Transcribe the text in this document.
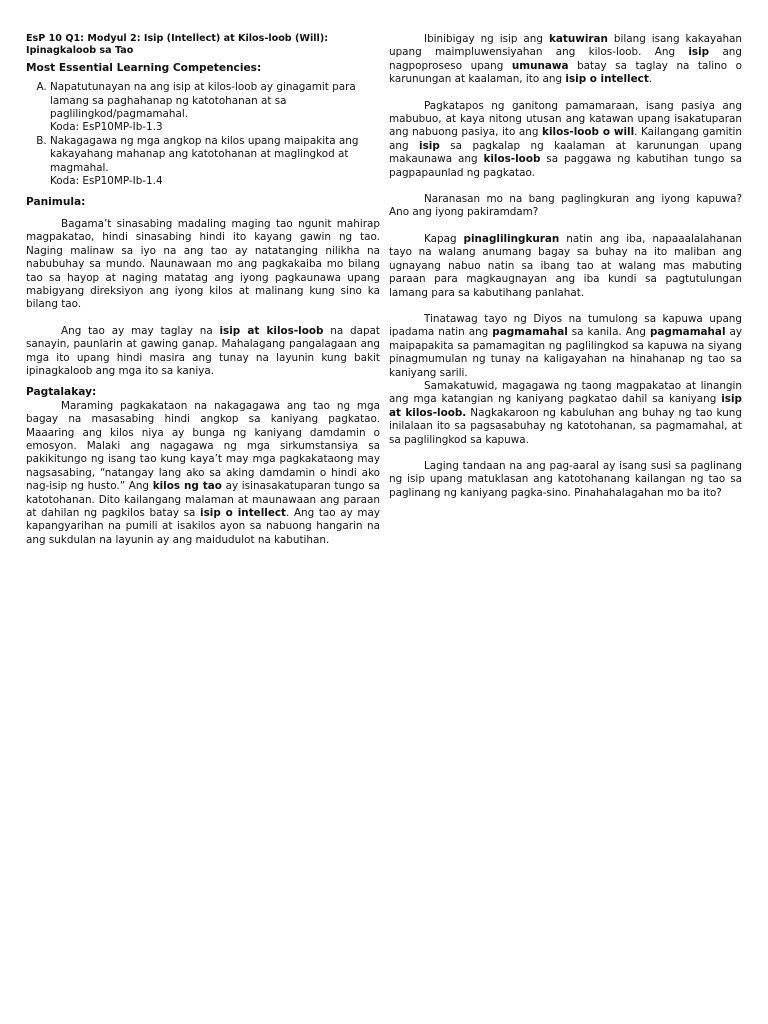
EsP 10 Q1: Modyul 2: Isip (Intellect) at Kilos-loob (Will): Ipinagkaloob sa Tao

Most Essential Learning Competencies:

A. Napatutunayan na ang isip at kilos-loob ay ginagamit para lamang sa paghahanap ng katotohanan at sa paglilingkod/pagmamahal.
Koda: EsP10MP-Ib-1.3
B. Nakagagawa ng mga angkop na kilos upang maipakita ang kakayahang mahanap ang katotohanan at maglingkod at magmahal.
Koda: EsP10MP-Ib-1.4

Panimula:

Bagama’t sinasabing madaling maging tao ngunit mahirap magpakatao, hindi sinasabing hindi ito kayang gawin ng tao. Naging malinaw sa iyo na ang tao ay natatanging nilikha na nabubuhay sa mundo. Naunawaan mo ang pagkakaiba mo bilang tao sa hayop at naging matatag ang iyong pagkaunawa upang mabigyang direksiyon ang iyong kilos at malinang kung sino ka bilang tao.

Ang tao ay may taglay na isip at kilos-loob na dapat sanayin, paunlarin at gawing ganap. Mahalagang pangalagaan ang mga ito upang hindi masira ang tunay na layunin kung bakit ipinagkaloob ang mga ito sa kaniya.

Pagtalakay:

Maraming pagkakataon na nakagagawa ang tao ng mga bagay na masasabing hindi angkop sa kaniyang pagkatao. Maaaring ang kilos niya ay bunga ng kaniyang damdamin o emosyon. Malaki ang nagagawa ng mga sirkumstansiya sa pakikitungo ng isang tao kung kaya’t may mga pagkakataong may nagsasabing, “natangay lang ako sa aking damdamin o hindi ako nag-isip ng husto.” Ang kilos ng tao ay isinasakatuparan tungo sa katotohanan. Dito kailangang malaman at maunawaan ang paraan at dahilan ng pagkilos batay sa isip o intellect. Ang tao ay may kapangyarihan na pumili at isakilos ayon sa nabuong hangarin na ang sukdulan na layunin ay ang maidudulot na kabutihan.

Ibinibigay ng isip ang katuwiran bilang isang kakayahan upang maimpluwensiyahan ang kilos-loob. Ang isip ang nagpoproseso upang umunawa batay sa taglay na talino o karunungan at kaalaman, ito ang isip o intellect.

Pagkatapos ng ganitong pamamaraan, isang pasiya ang mabubuo, at kaya nitong utusan ang katawan upang isakatuparan ang nabuong pasiya, ito ang kilos-loob o will. Kailangang gamitin ang isip sa pagkalap ng kaalaman at karunungan upang makaunawa ang kilos-loob sa paggawa ng kabutihan tungo sa pagpapaunlad ng pagkatao.

Naranasan mo na bang paglingkuran ang iyong kapuwa? Ano ang iyong pakiramdam?

Kapag pinaglilingkuran natin ang iba, napaaalalahanan tayo na walang anumang bagay sa buhay na ito maliban ang ugnayang nabuo natin sa ibang tao at walang mas mabuting paraan para magkaugnayan ang iba kundi sa pagtutulungan lamang para sa kabutihang panlahat.

Tinatawag tayo ng Diyos na tumulong sa kapuwa upang ipadama natin ang pagmamahal sa kanila. Ang pagmamahal ay maipapakita sa pamamagitan ng paglilingkod sa kapuwa na siyang pinagmumulan ng tunay na kaligayahan na hinahanap ng tao sa kaniyang sarili.

Samakatuwid, magagawa ng taong magpakatao at linangin ang mga katangian ng kaniyang pagkatao dahil sa kaniyang isip at kilos-loob. Nagkakaroon ng kabuluhan ang buhay ng tao kung inilalaan ito sa pagsasabuhay ng katotohanan, sa pagmamahal, at sa paglilingkod sa kapuwa.

Laging tandaan na ang pag-aaral ay isang susi sa paglinang ng isip upang matuklasan ang katotohanang kailangan ng tao sa paglinang ng kaniyang pagka-sino. Pinahahalagahan mo ba ito?
